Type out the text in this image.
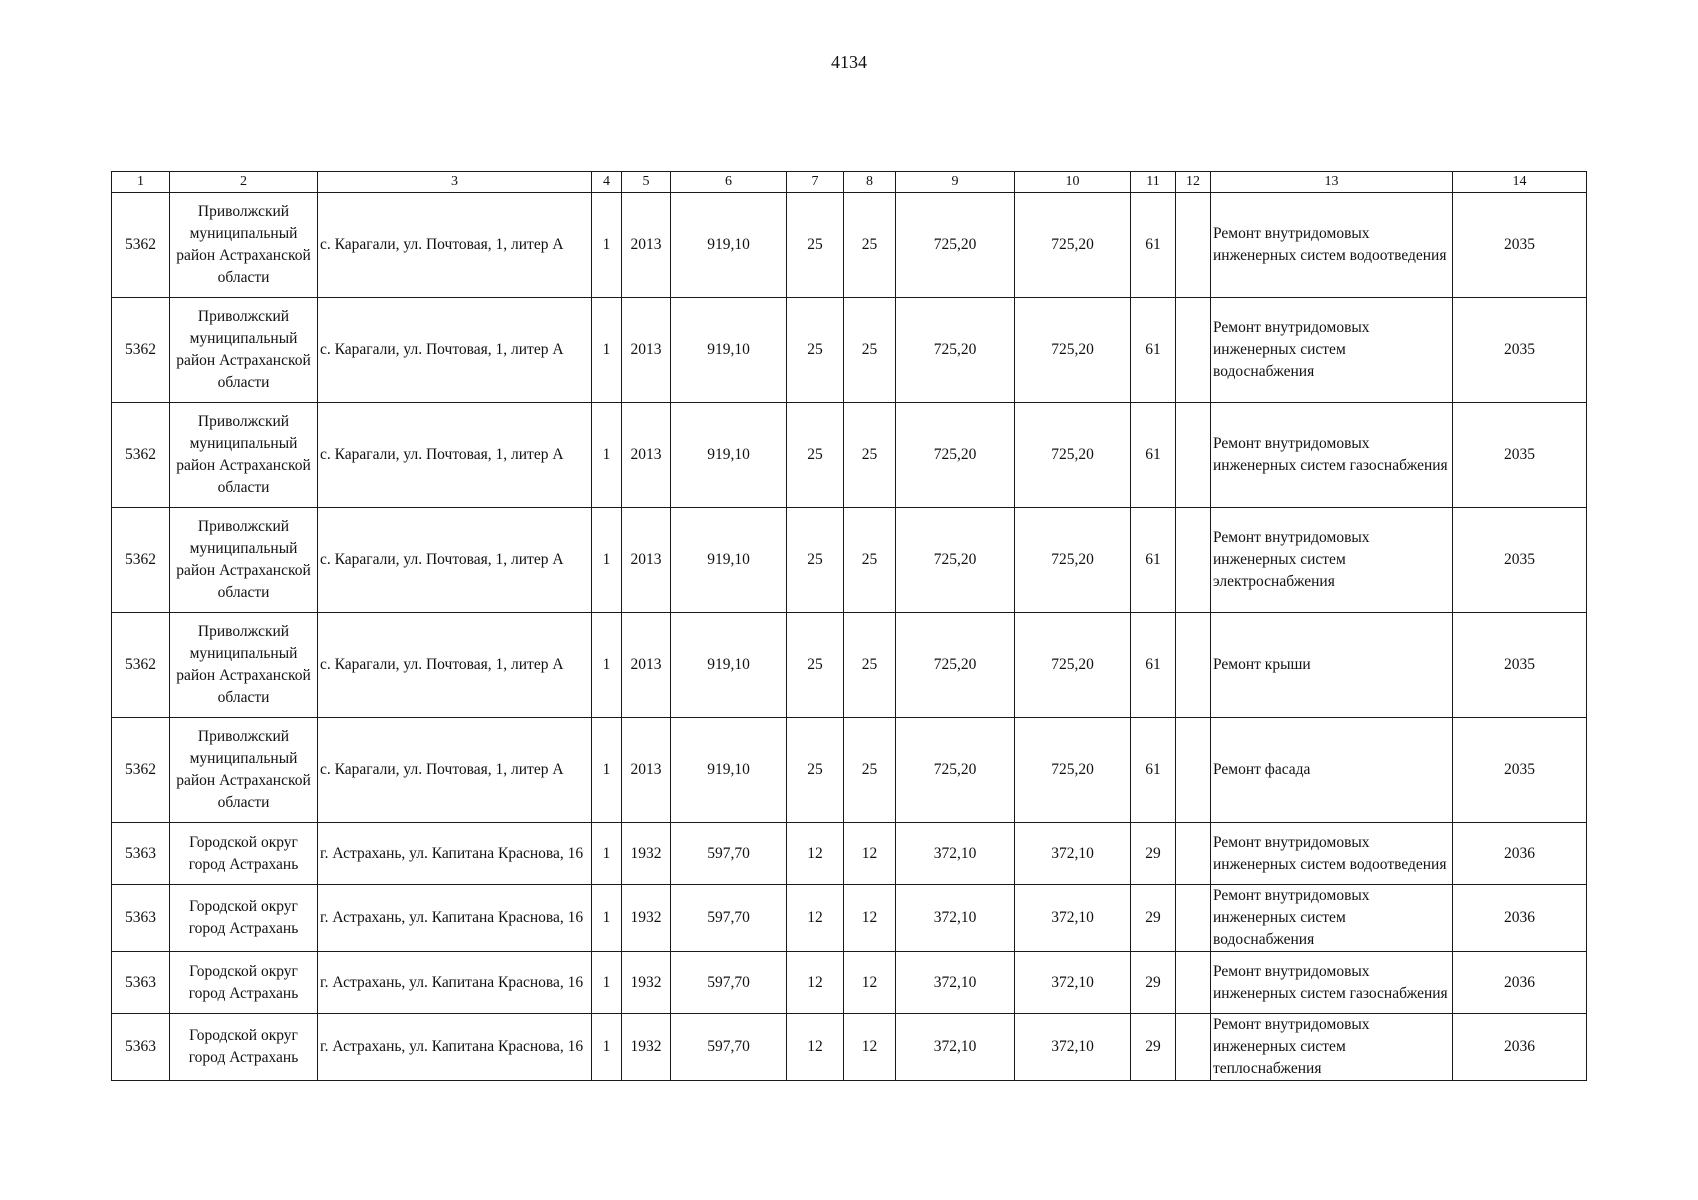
4134
1	2	3	4	5	6	7	8	9	10	11	12	13	14
5362	Приволжский муниципальный район Астраханской области	с. Карагали, ул. Почтовая, 1, литер А	1	2013	919,10	25	25	725,20	725,20	61		Ремонт внутридомовых инженерных систем водоотведения	2035
5362	Приволжский муниципальный район Астраханской области	с. Карагали, ул. Почтовая, 1, литер А	1	2013	919,10	25	25	725,20	725,20	61		Ремонт внутридомовых инженерных систем водоснабжения	2035
5362	Приволжский муниципальный район Астраханской области	с. Карагали, ул. Почтовая, 1, литер А	1	2013	919,10	25	25	725,20	725,20	61		Ремонт внутридомовых инженерных систем газоснабжения	2035
5362	Приволжский муниципальный район Астраханской области	с. Карагали, ул. Почтовая, 1, литер А	1	2013	919,10	25	25	725,20	725,20	61		Ремонт внутридомовых инженерных систем электроснабжения	2035
5362	Приволжский муниципальный район Астраханской области	с. Карагали, ул. Почтовая, 1, литер А	1	2013	919,10	25	25	725,20	725,20	61		Ремонт крыши	2035
5362	Приволжский муниципальный район Астраханской области	с. Карагали, ул. Почтовая, 1, литер А	1	2013	919,10	25	25	725,20	725,20	61		Ремонт фасада	2035
5363	Городской округ город Астрахань	г. Астрахань, ул. Капитана Краснова, 16	1	1932	597,70	12	12	372,10	372,10	29		Ремонт внутридомовых инженерных систем водоотведения	2036
5363	Городской округ город Астрахань	г. Астрахань, ул. Капитана Краснова, 16	1	1932	597,70	12	12	372,10	372,10	29		Ремонт внутридомовых инженерных систем водоснабжения	2036
5363	Городской округ город Астрахань	г. Астрахань, ул. Капитана Краснова, 16	1	1932	597,70	12	12	372,10	372,10	29		Ремонт внутридомовых инженерных систем газоснабжения	2036
5363	Городской округ город Астрахань	г. Астрахань, ул. Капитана Краснова, 16	1	1932	597,70	12	12	372,10	372,10	29		Ремонт внутридомовых инженерных систем теплоснабжения	2036
